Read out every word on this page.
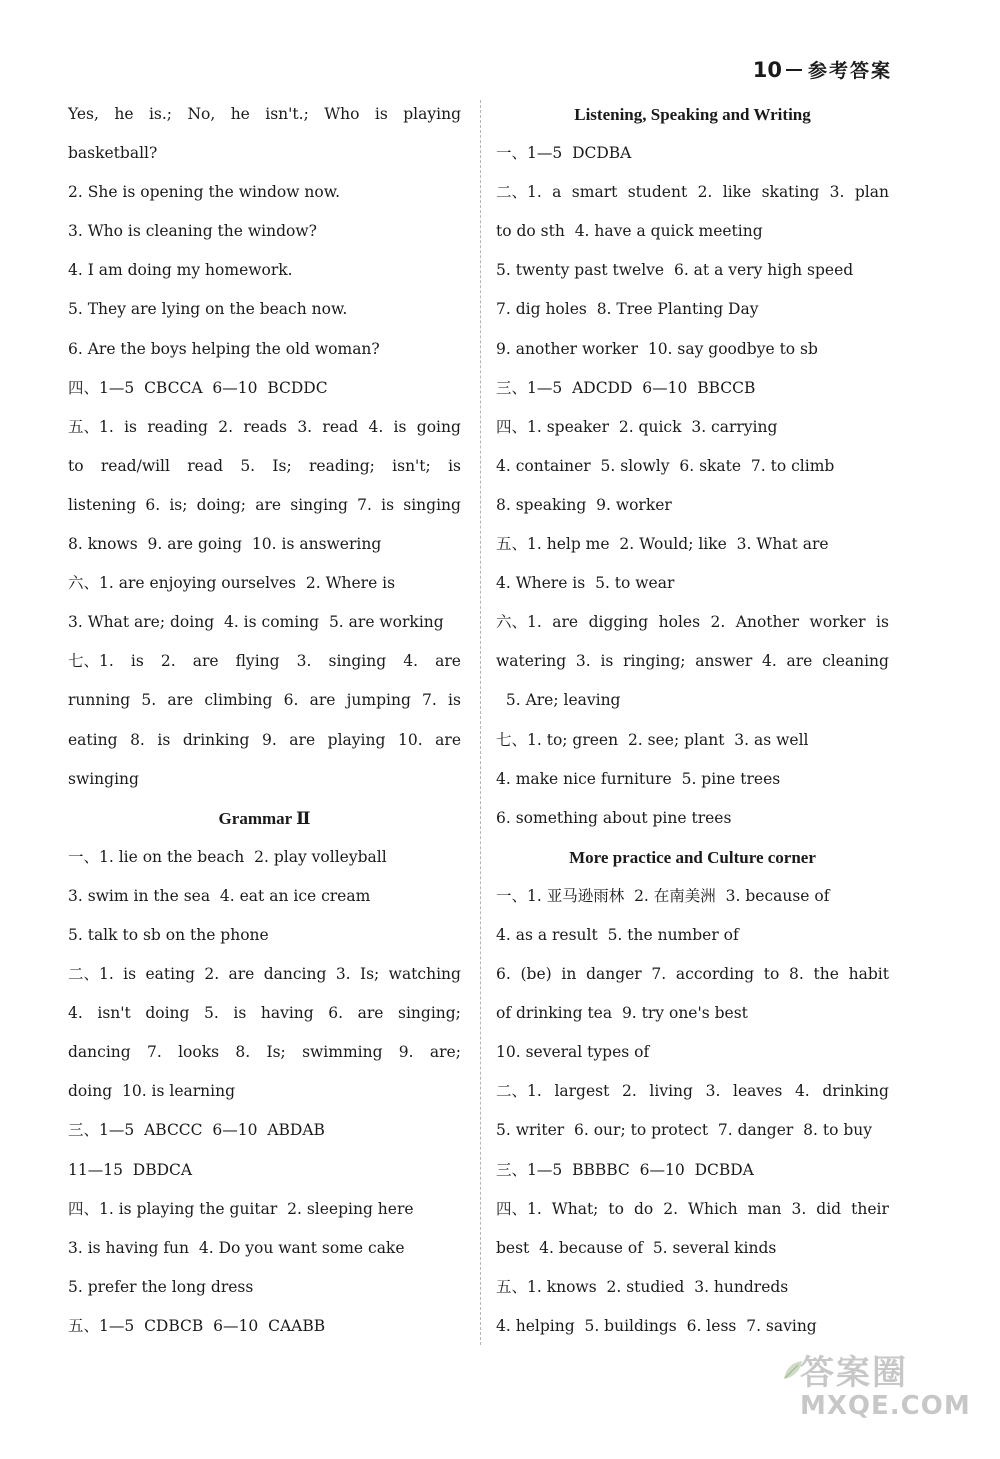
10 参考答案
Yes, he is.; No, he isn't.; Who is playing
basketball?
2. She is opening the window now.
3. Who is cleaning the window?
4. I am doing my homework.
5. They are lying on the beach now.
6. Are the boys helping the old woman?
四、1—5  CBCCA  6—10  BCDDC
五、1. is reading 2. reads 3. read 4. is going
to read/will read 5. Is; reading; isn't; is
listening 6. is; doing; are singing 7. is singing
8. knows  9. are going  10. is answering
六、1. are enjoying ourselves  2. Where is
3. What are; doing  4. is coming  5. are working
七、1. is 2. are flying 3. singing 4. are
running 5. are climbing 6. are jumping 7. is
eating 8. is drinking 9. are playing 10. are
swinging
Grammar Ⅱ
一、1. lie on the beach  2. play volleyball
3. swim in the sea  4. eat an ice cream
5. talk to sb on the phone
二、1. is eating 2. are dancing 3. Is; watching
4. isn't doing 5. is having 6. are singing;
dancing 7. looks 8. Is; swimming 9. are;
doing  10. is learning
三、1—5  ABCCC  6—10  ABDAB
11—15  DBDCA
四、1. is playing the guitar  2. sleeping here
3. is having fun  4. Do you want some cake
5. prefer the long dress
五、1—5  CDBCB  6—10  CAABB
Listening, Speaking and Writing
一、1—5  DCDBA
二、1. a smart student 2. like skating 3. plan
to do sth  4. have a quick meeting
5. twenty past twelve  6. at a very high speed
7. dig holes  8. Tree Planting Day
9. another worker  10. say goodbye to sb
三、1—5  ADCDD  6—10  BBCCB
四、1. speaker  2. quick  3. carrying
4. container  5. slowly  6. skate  7. to climb
8. speaking  9. worker
五、1. help me  2. Would; like  3. What are
4. Where is  5. to wear
六、1. are digging holes 2. Another worker is
watering 3. is ringing; answer 4. are cleaning
5. Are; leaving
七、1. to; green  2. see; plant  3. as well
4. make nice furniture  5. pine trees
6. something about pine trees
More practice and Culture corner
一、1. 亚马逊雨林  2. 在南美洲  3. because of
4. as a result  5. the number of
6. (be) in danger 7. according to 8. the habit
of drinking tea  9. try one's best
10. several types of
二、1. largest 2. living 3. leaves 4. drinking
5. writer  6. our; to protect  7. danger  8. to buy
三、1—5  BBBBC  6—10  DCBDA
四、1. What; to do 2. Which man 3. did their
best  4. because of  5. several kinds
五、1. knows  2. studied  3. hundreds
4. helping  5. buildings  6. less  7. saving
答案圈
MXQE.COM
